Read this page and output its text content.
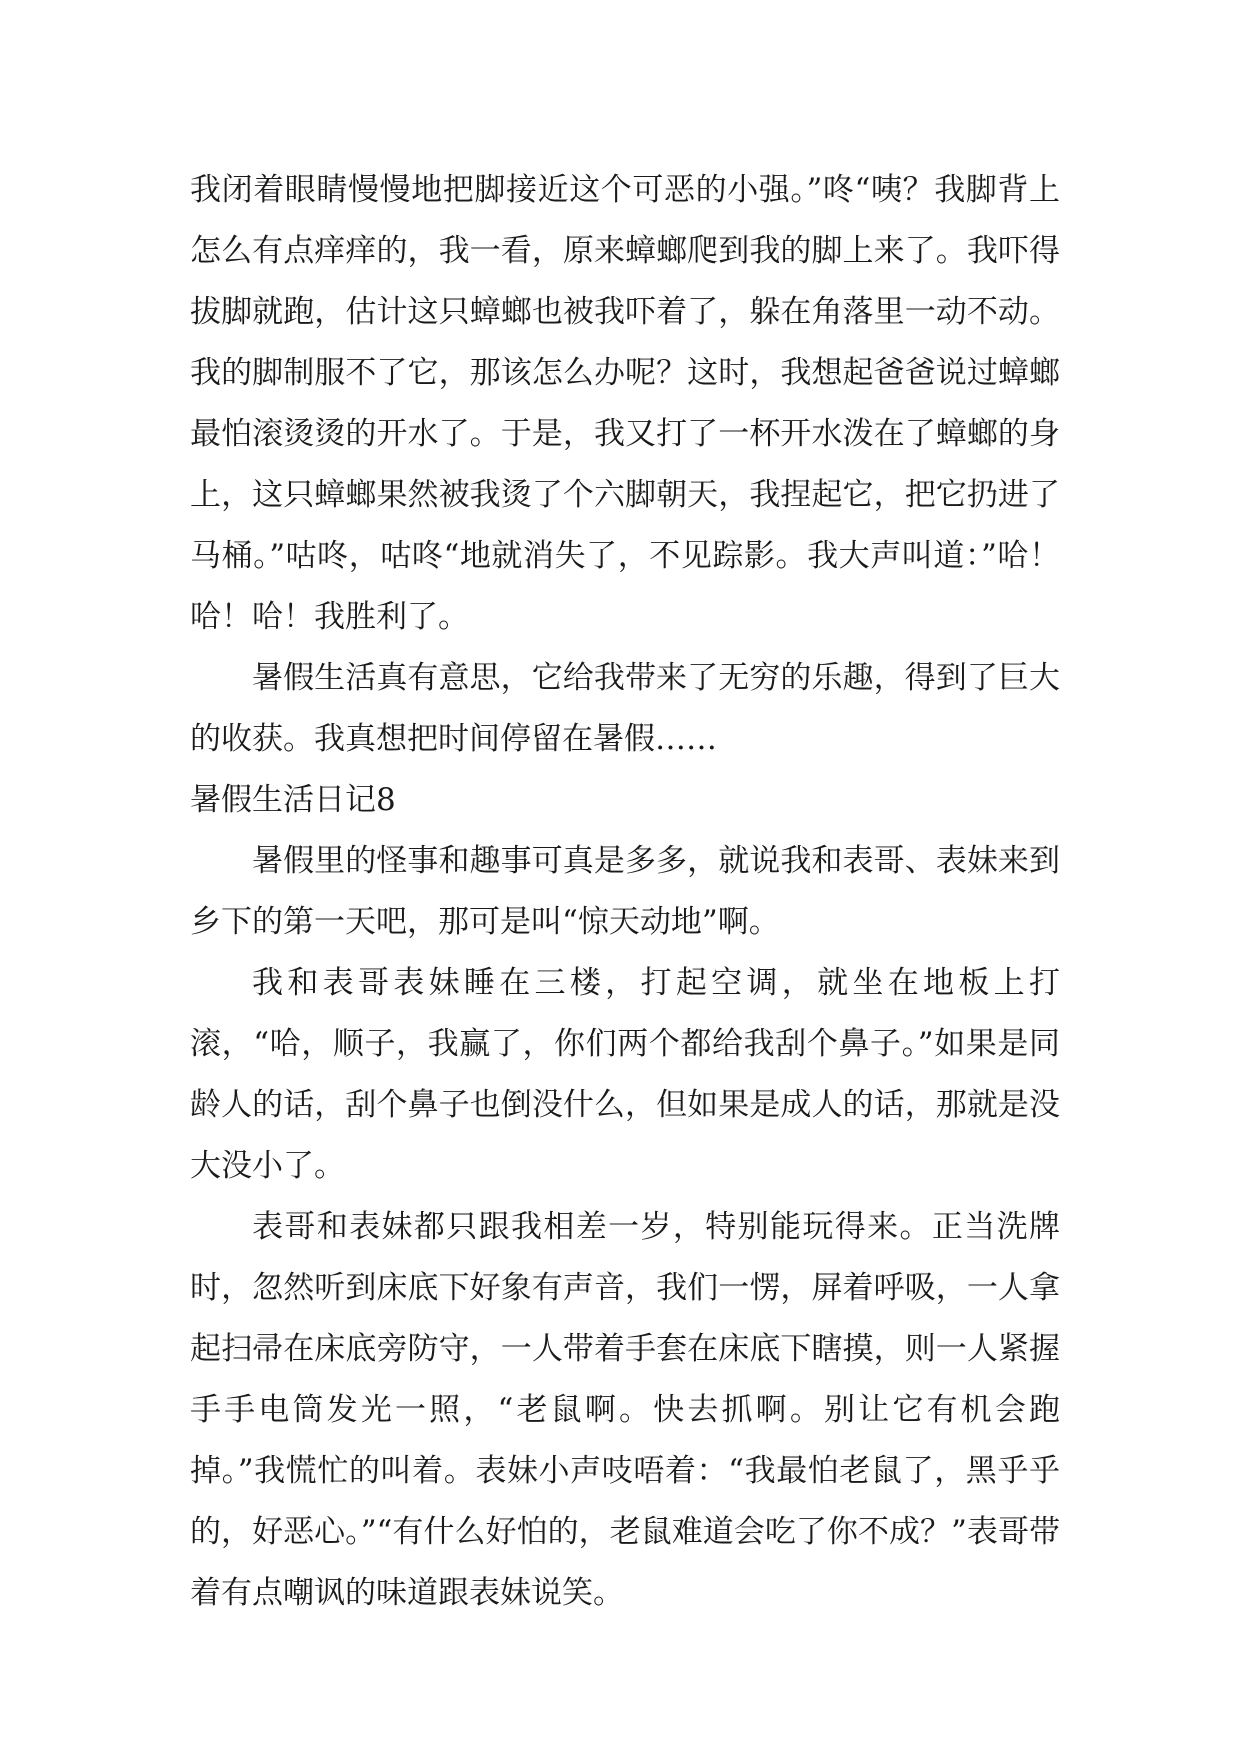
我闭着眼睛慢慢地把脚接近这个可恶的小强。”咚“咦？我脚背上怎么有点痒痒的，我一看，原来蟑螂爬到我的脚上来了。我吓得拔脚就跑，估计这只蟑螂也被我吓着了，躲在角落里一动不动。我的脚制服不了它，那该怎么办呢？这时，我想起爸爸说过蟑螂最怕滚烫烫的开水了。于是，我又打了一杯开水泼在了蟑螂的身上，这只蟑螂果然被我烫了个六脚朝天，我捏起它，把它扔进了马桶。”咕咚，咕咚“地就消失了，不见踪影。我大声叫道：”哈！哈！哈！我胜利了。

暑假生活真有意思，它给我带来了无穷的乐趣，得到了巨大的收获。我真想把时间停留在暑假……

暑假生活日记8

暑假里的怪事和趣事可真是多多，就说我和表哥、表妹来到乡下的第一天吧，那可是叫“惊天动地”啊。

我和表哥表妹睡在三楼，打起空调，就坐在地板上打滚，“哈，顺子，我赢了，你们两个都给我刮个鼻子。”如果是同龄人的话，刮个鼻子也倒没什么，但如果是成人的话，那就是没大没小了。

表哥和表妹都只跟我相差一岁，特别能玩得来。正当洗牌时，忽然听到床底下好象有声音，我们一愣，屏着呼吸，一人拿起扫帚在床底旁防守，一人带着手套在床底下瞎摸，则一人紧握手手电筒发光一照，“老鼠啊。快去抓啊。别让它有机会跑掉。”我慌忙的叫着。表妹小声吱唔着：“我最怕老鼠了，黑乎乎的，好恶心。”“有什么好怕的，老鼠难道会吃了你不成？”表哥带着有点嘲讽的味道跟表妹说笑。
